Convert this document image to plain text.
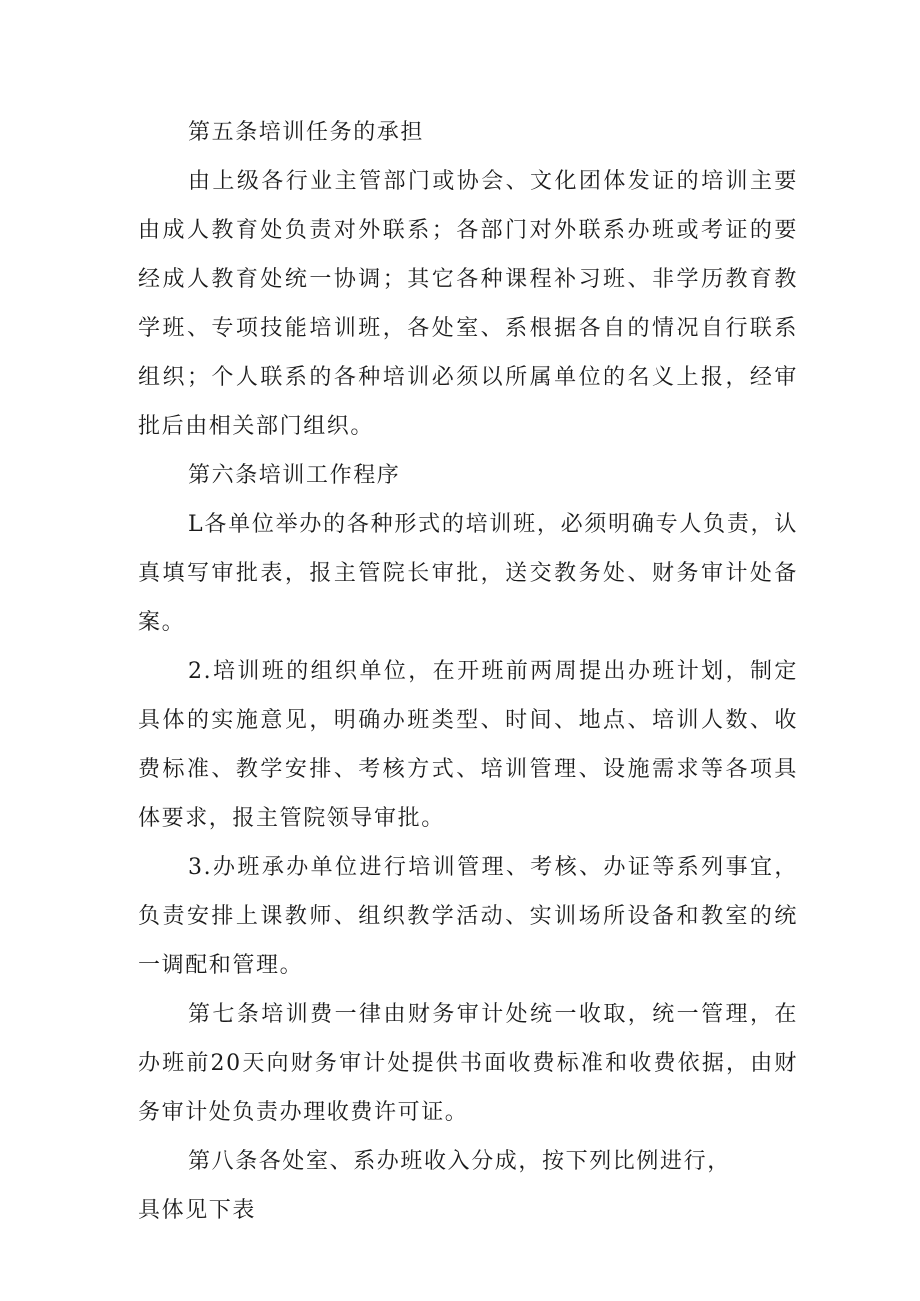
第五条培训任务的承担

由上级各行业主管部门或协会、文化团体发证的培训主要由成人教育处负责对外联系；各部门对外联系办班或考证的要经成人教育处统一协调；其它各种课程补习班、非学历教育教学班、专项技能培训班，各处室、系根据各自的情况自行联系组织；个人联系的各种培训必须以所属单位的名义上报，经审批后由相关部门组织。

第六条培训工作程序

L各单位举办的各种形式的培训班，必须明确专人负责，认真填写审批表，报主管院长审批，送交教务处、财务审计处备案。

2.培训班的组织单位，在开班前两周提出办班计划，制定具体的实施意见，明确办班类型、时间、地点、培训人数、收费标准、教学安排、考核方式、培训管理、设施需求等各项具体要求，报主管院领导审批。

3.办班承办单位进行培训管理、考核、办证等系列事宜，负责安排上课教师、组织教学活动、实训场所设备和教室的统一调配和管理。

第七条培训费一律由财务审计处统一收取，统一管理，在办班前20天向财务审计处提供书面收费标准和收费依据，由财务审计处负责办理收费许可证。

第八条各处室、系办班收入分成，按下列比例进行，

具体见下表
